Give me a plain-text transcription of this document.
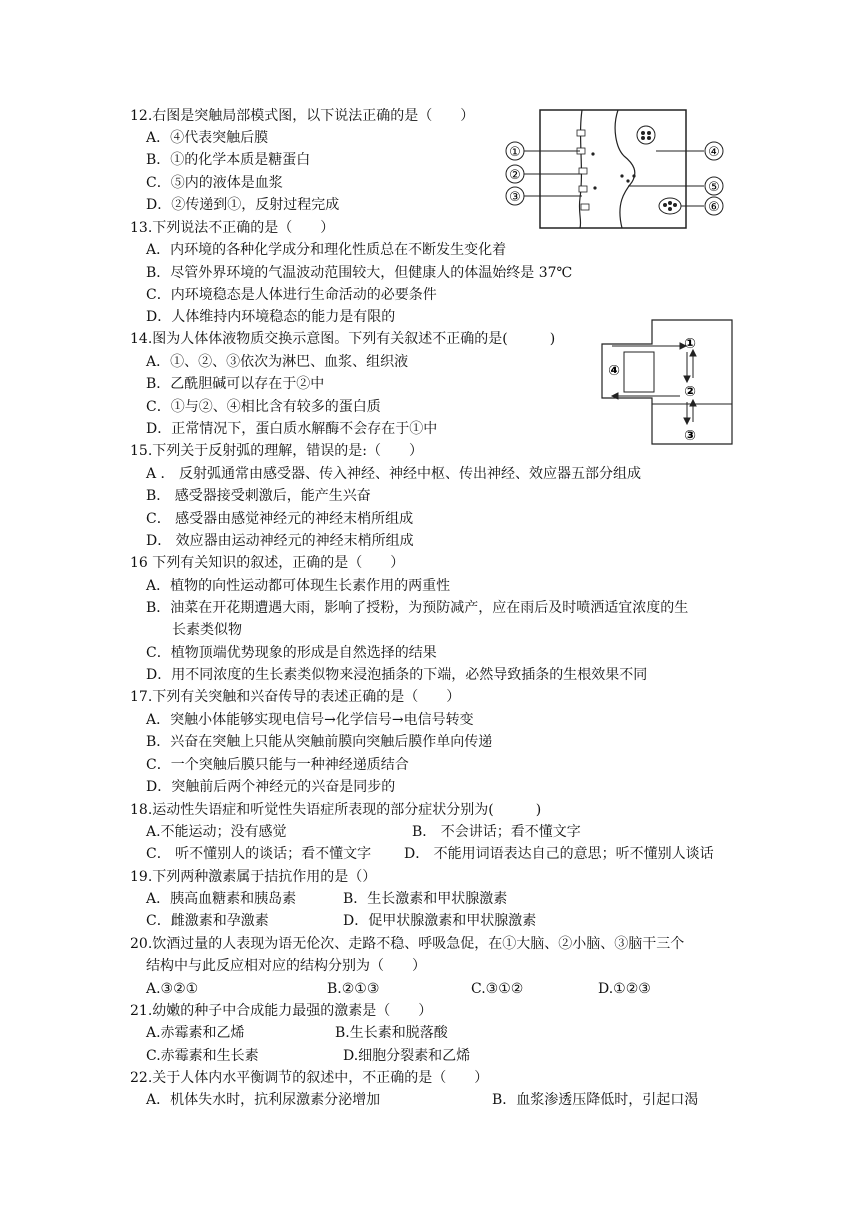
12.右图是突触局部模式图，以下说法正确的是（　　）
A．④代表突触后膜
B．①的化学本质是糖蛋白
C．⑤内的液体是血浆
D．②传递到①，反射过程完成
13.下列说法不正确的是（　　）
A．内环境的各种化学成分和理化性质总在不断发生变化着
B．尽管外界环境的气温波动范围较大，但健康人的体温始终是 37℃
C．内环境稳态是人体进行生命活动的必要条件
D．人体维持内环境稳态的能力是有限的
14.图为人体体液物质交换示意图。下列有关叙述不正确的是(　　　)
A．①、②、③依次为淋巴、血浆、组织液
B．乙酰胆碱可以存在于②中
C．①与②、④相比含有较多的蛋白质
D．正常情况下，蛋白质水解酶不会存在于①中
15.下列关于反射弧的理解，错误的是:（　　）
A ． 反射弧通常由感受器、传入神经、神经中枢、传出神经、效应器五部分组成
B． 感受器接受刺激后，能产生兴奋
C． 感受器由感觉神经元的神经末梢所组成
D． 效应器由运动神经元的神经末梢所组成
16 下列有关知识的叙述，正确的是（　　）
A．植物的向性运动都可体现生长素作用的两重性
B．油菜在开花期遭遇大雨，影响了授粉，为预防减产，应在雨后及时喷洒适宜浓度的生
长素类似物
C．植物顶端优势现象的形成是自然选择的结果
D．用不同浓度的生长素类似物来浸泡插条的下端，必然导致插条的生根效果不同
17.下列有关突触和兴奋传导的表述正确的是（　　）
A．突触小体能够实现电信号→化学信号→电信号转变
B．兴奋在突触上只能从突触前膜向突触后膜作单向传递
C．一个突触后膜只能与一种神经递质结合
D．突触前后两个神经元的兴奋是同步的
18.运动性失语症和听觉性失语症所表现的部分症状分别为(　　　)
A.不能运动；没有感觉	B． 不会讲话；看不懂文字
C． 听不懂别人的谈话；看不懂文字 D． 不能用词语表达自己的意思；听不懂别人谈话
19.下列两种激素属于拮抗作用的是（）
A．胰高血糖素和胰岛素	B．生长激素和甲状腺激素
C．雌激素和孕激素	D．促甲状腺激素和甲状腺激素
20.饮酒过量的人表现为语无伦次、走路不稳、呼吸急促，在①大脑、②小脑、③脑干三个
结构中与此反应相对应的结构分别为（　　）
A.③②①	B.②①③	C.③①②	D.①②③
21.幼嫩的种子中合成能力最强的激素是（　　）
A.赤霉素和乙烯	B.生长素和脱落酸
C.赤霉素和生长素	D.细胞分裂素和乙烯
22.关于人体内水平衡调节的叙述中，不正确的是（　　）
A．机体失水时，抗利尿激素分泌增加	B．血浆渗透压降低时，引起口渴
①
②
③
④
⑤
⑥
①
②
③
④
